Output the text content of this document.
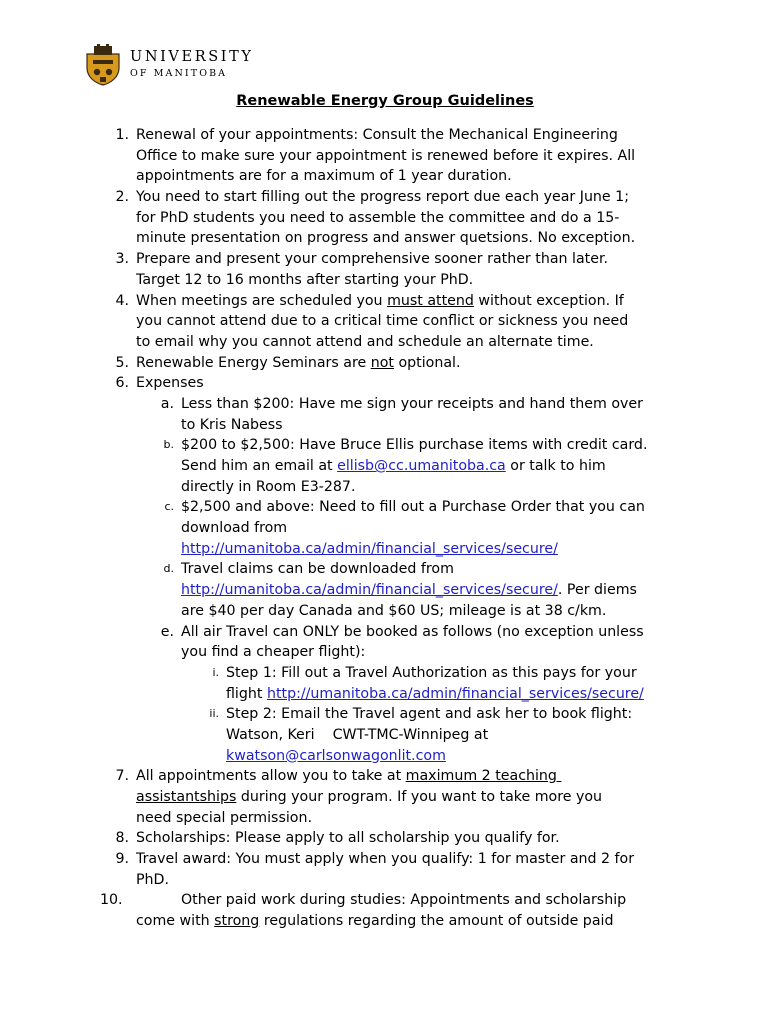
UNIVERSITY
OF MANITOBA
Renewable Energy Group Guidelines
1. Renewal of your appointments: Consult the Mechanical Engineering
Office to make sure your appointment is renewed before it expires. All
appointments are for a maximum of 1 year duration.
2. You need to start filling out the progress report due each year June 1;
for PhD students you need to assemble the committee and do a 15-
minute presentation on progress and answer quetsions. No exception.
3. Prepare and present your comprehensive sooner rather than later.
Target 12 to 16 months after starting your PhD.
4. When meetings are scheduled you must attend without exception. If
you cannot attend due to a critical time conflict or sickness you need
to email why you cannot attend and schedule an alternate time.
5. Renewable Energy Seminars are not optional.
6. Expenses
a. Less than $200: Have me sign your receipts and hand them over
to Kris Nabess
b. $200 to $2,500: Have Bruce Ellis purchase items with credit card.
Send him an email at ellisb@cc.umanitoba.ca or talk to him
directly in Room E3-287.
c. $2,500 and above: Need to fill out a Purchase Order that you can
download from
http://umanitoba.ca/admin/financial_services/secure/
d. Travel claims can be downloaded from
http://umanitoba.ca/admin/financial_services/secure/. Per diems
are $40 per day Canada and $60 US; mileage is at 38 c/km.
e. All air Travel can ONLY be booked as follows (no exception unless
you find a cheaper flight):
i. Step 1: Fill out a Travel Authorization as this pays for your
flight http://umanitoba.ca/admin/financial_services/secure/
ii. Step 2: Email the Travel agent and ask her to book flight:
Watson, Keri    CWT-TMC-Winnipeg at
kwatson@carlsonwagonlit.com
7. All appointments allow you to take at maximum 2 teaching
assistantships during your program. If you want to take more you
need special permission.
8. Scholarships: Please apply to all scholarship you qualify for.
9. Travel award: You must apply when you qualify: 1 for master and 2 for
PhD.
10.	Other paid work during studies: Appointments and scholarship
come with strong regulations regarding the amount of outside paid
